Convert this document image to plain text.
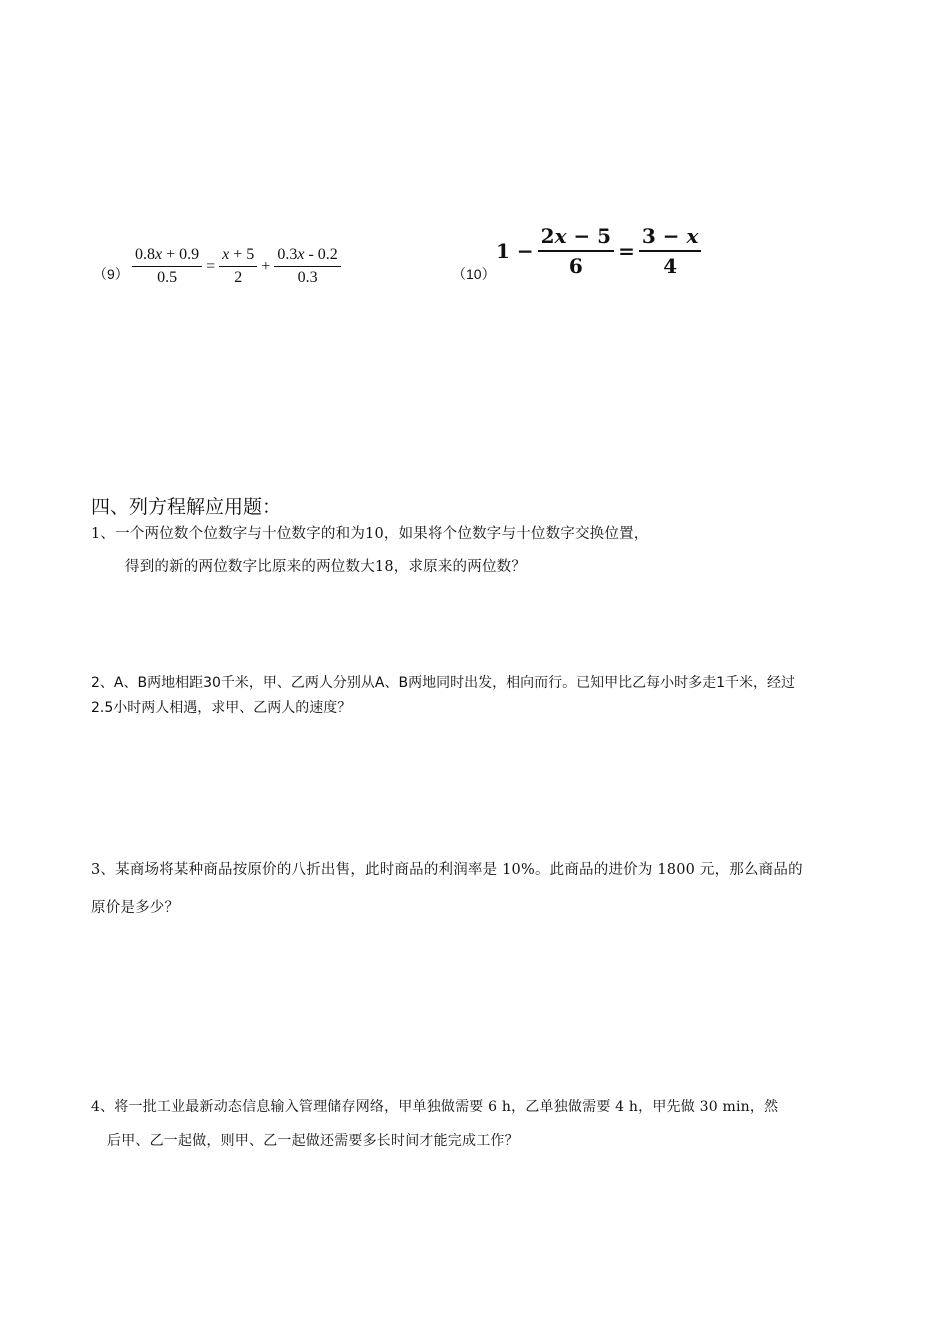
$(9) \frac{0.8x + 0.9}{0.5} = \frac{x + 5}{2} + \frac{0.3x - 0.2}{0.3}$	（10）
$1 - \frac{2x - 5}{6} = \frac{3 - x}{4}$
四、列方程解应用题：
1、一个两位数个位数字与十位数字的和为10，如果将个位数字与十位数字交换位置，
得到的新的两位数字比原来的两位数大18，求原来的两位数？
2、A、B两地相距30千米，甲、乙两人分别从A、B两地同时出发，相向而行。已知甲比乙每小时多走1千米，经过
2.5小时两人相遇，求甲、乙两人的速度？
3、某商场将某种商品按原价的八折出售，此时商品的利润率是 10%。此商品的进价为 1800 元，那么商品的
原价是多少？
4、将一批工业最新动态信息输入管理储存网络，甲单独做需要 6 h，乙单独做需要 4 h，甲先做 30 min，然
后甲、乙一起做，则甲、乙一起做还需要多长时间才能完成工作？
